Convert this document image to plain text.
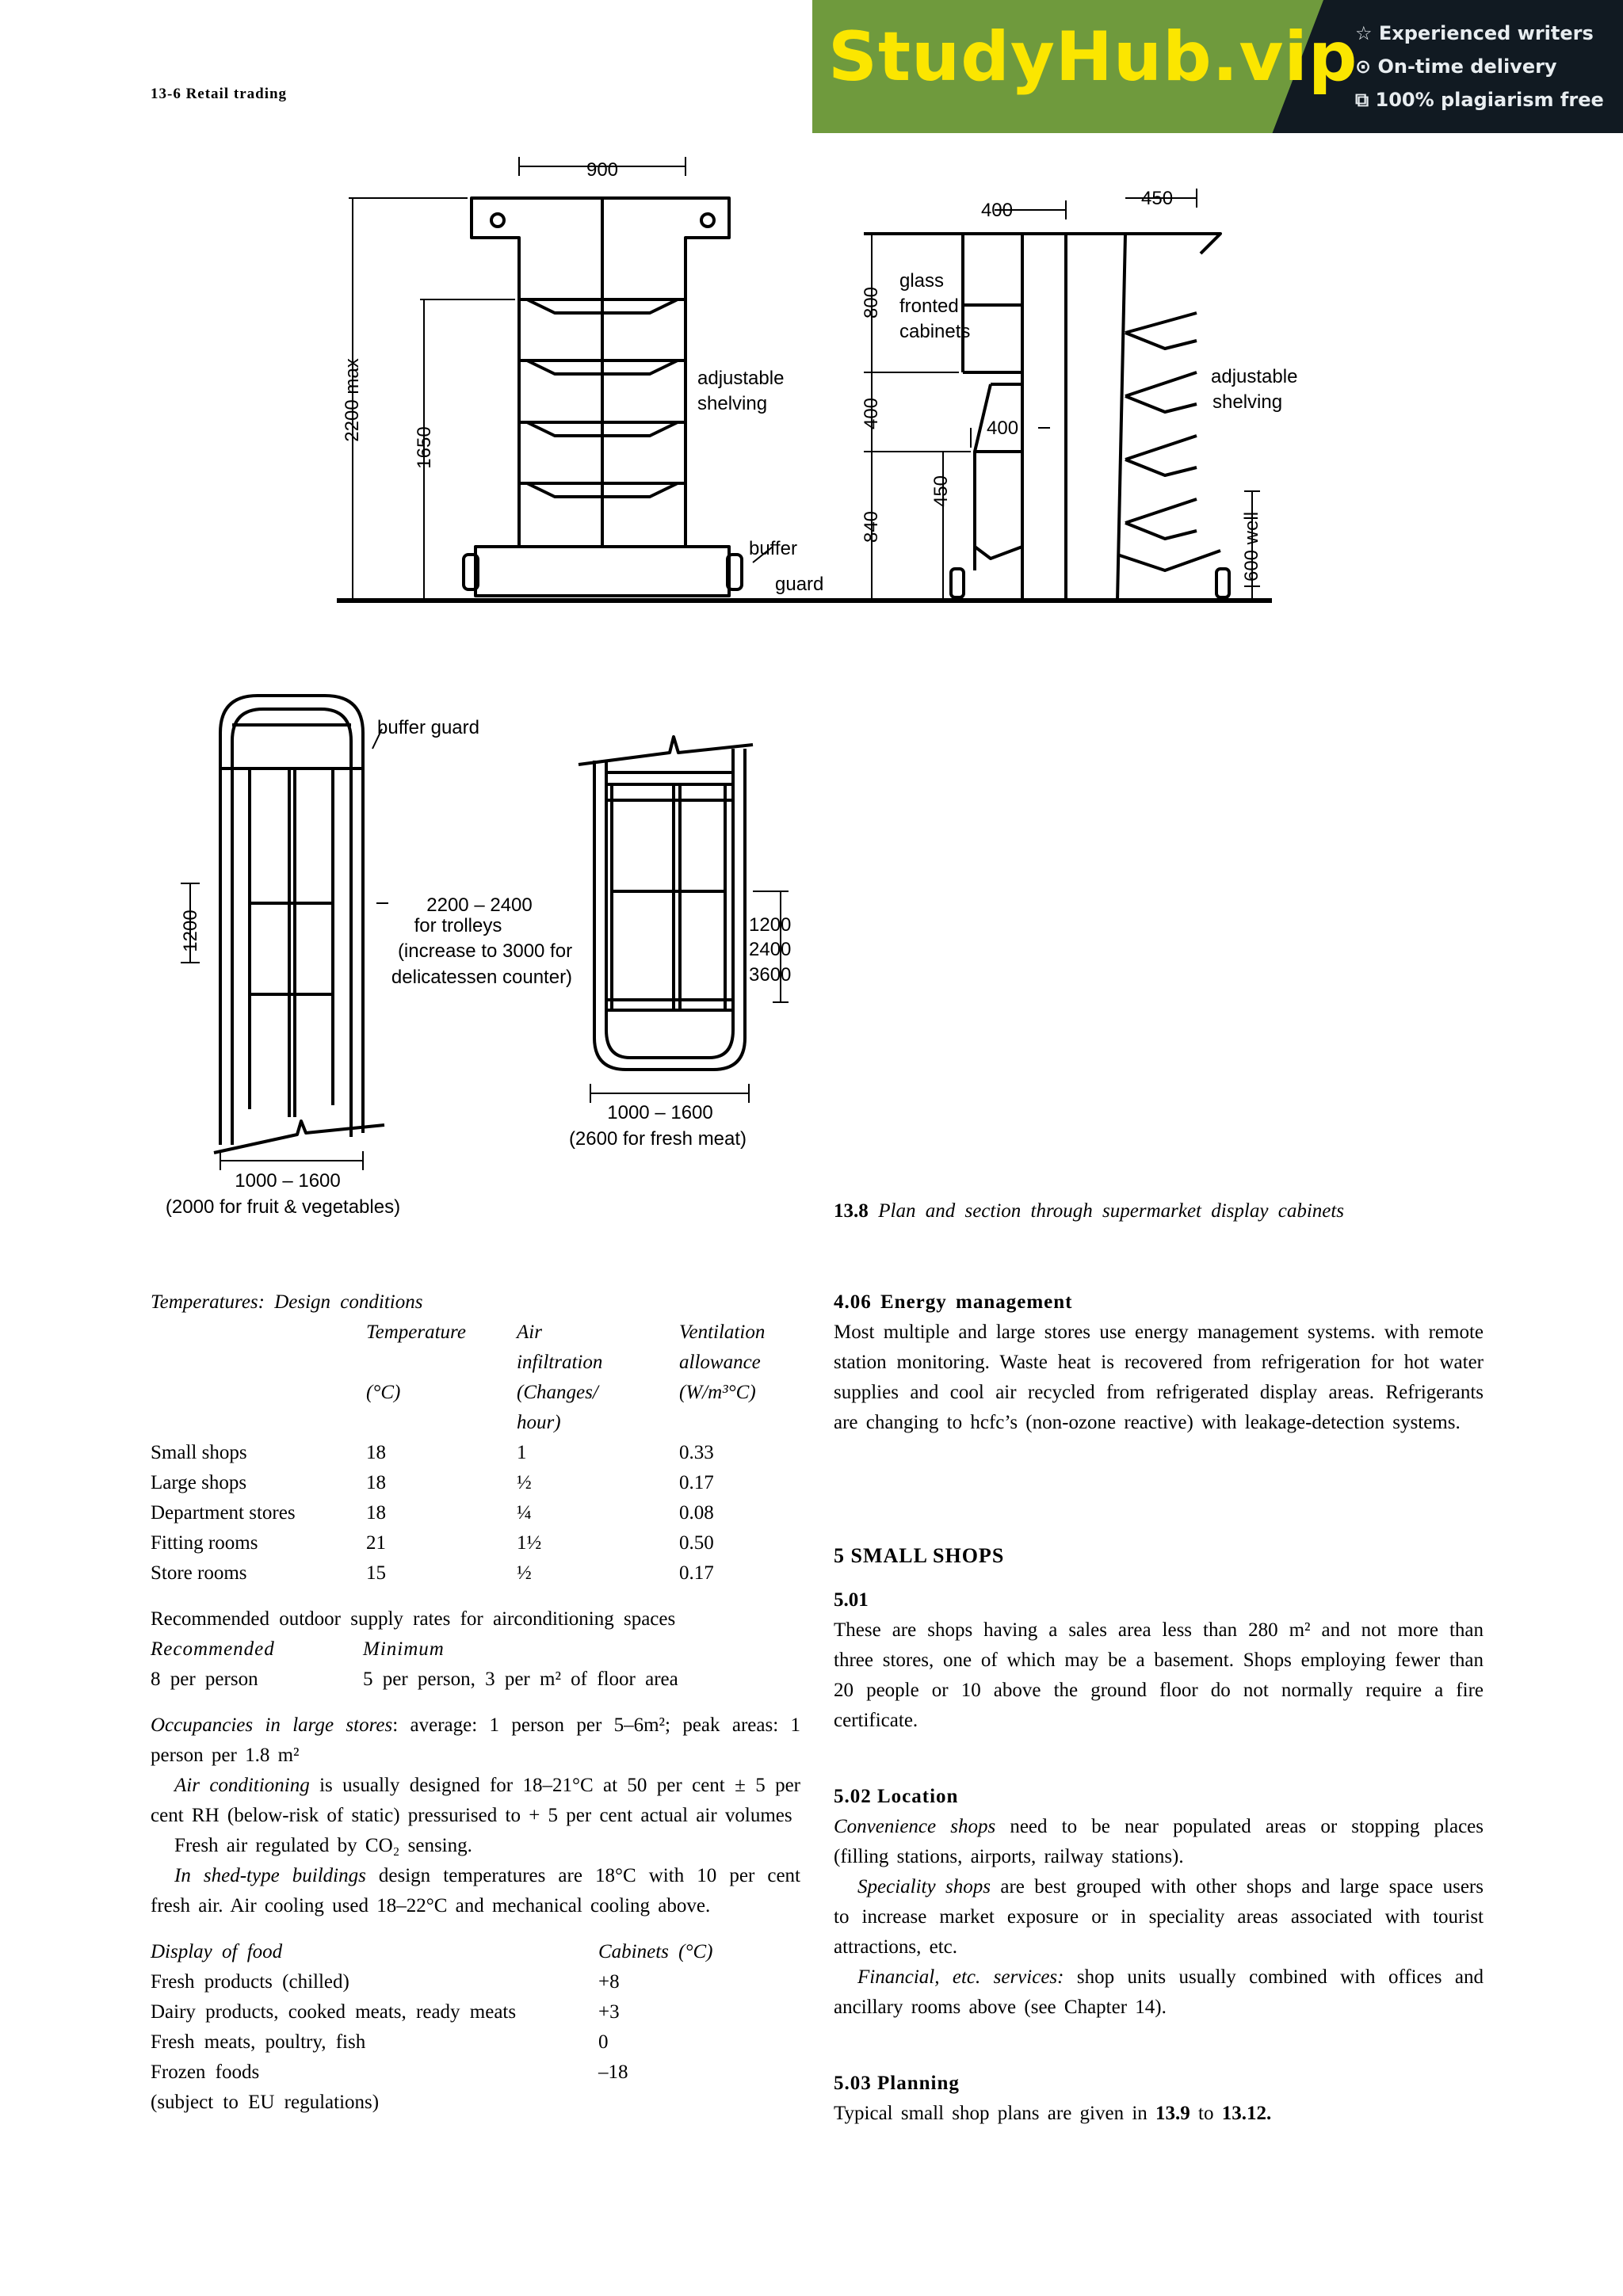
13-6 Retail trading	StudyHub.vip
☆ Experienced writers
⊙ On-time delivery
⧉ 100% plagiarism free
900
2200 max
1650
adjustable
shelving
buffer
guard
400
450
800
400	400
450
840	600 well
glass
fronted
cabinets
adjustable
shelving
buffer guard
1200
2200 – 2400
for trolleys
(increase to 3000 for
delicatessen counter)
1200
2400
3600
1000 – 1600
(2600 for fresh meat)
1000 – 1600
(2000 for fruit & vegetables)	13.8 Plan and section through supermarket display cabinets

Temperatures: Design conditions

	Temperature	Air	Ventilation
		infiltration	allowance
	(°C)	(Changes/	(W/m³°C)
		hour)	
Small shops	18	1	0.33
Large shops	18	½	0.17
Department stores	18	¼	0.08
Fitting rooms	21	1½	0.50
Store rooms	15	½	0.17

Recommended outdoor supply rates for airconditioning spaces

Recommended	Minimum
8 per person	5 per person, 3 per m² of floor area

Occupancies in large stores: average: 1 person per 5–6m²; peak areas: 1 person per 1.8 m²

Air conditioning is usually designed for 18–21°C at 50 per cent ± 5 per cent RH (below-risk of static) pressurised to + 5 per cent actual air volumes

Fresh air regulated by CO₂ sensing.

In shed-type buildings design temperatures are 18°C with 10 per cent fresh air. Air cooling used 18–22°C and mechanical cooling above.

Display of food	Cabinets (°C)
Fresh products (chilled)	+8
Dairy products, cooked meats, ready meats	+3
Fresh meats, poultry, fish	0
Frozen foods	–18
(subject to EU regulations)	

4.06 Energy management

Most multiple and large stores use energy management systems. with remote station monitoring. Waste heat is recovered from refrigeration for hot water supplies and cool air recycled from refrigerated display areas. Refrigerants are changing to hcfc’s (non-ozone reactive) with leakage-detection systems.

5 SMALL SHOPS

5.01

These are shops having a sales area less than 280 m² and not more than three stores, one of which may be a basement. Shops employing fewer than 20 people or 10 above the ground floor do not normally require a fire certificate.

5.02 Location

Convenience shops need to be near populated areas or stopping places (filling stations, airports, railway stations).

Speciality shops are best grouped with other shops and large space users to increase market exposure or in speciality areas associated with tourist attractions, etc.

Financial, etc. services: shop units usually combined with offices and ancillary rooms above (see Chapter 14).

5.03 Planning

Typical small shop plans are given in 13.9 to 13.12.
